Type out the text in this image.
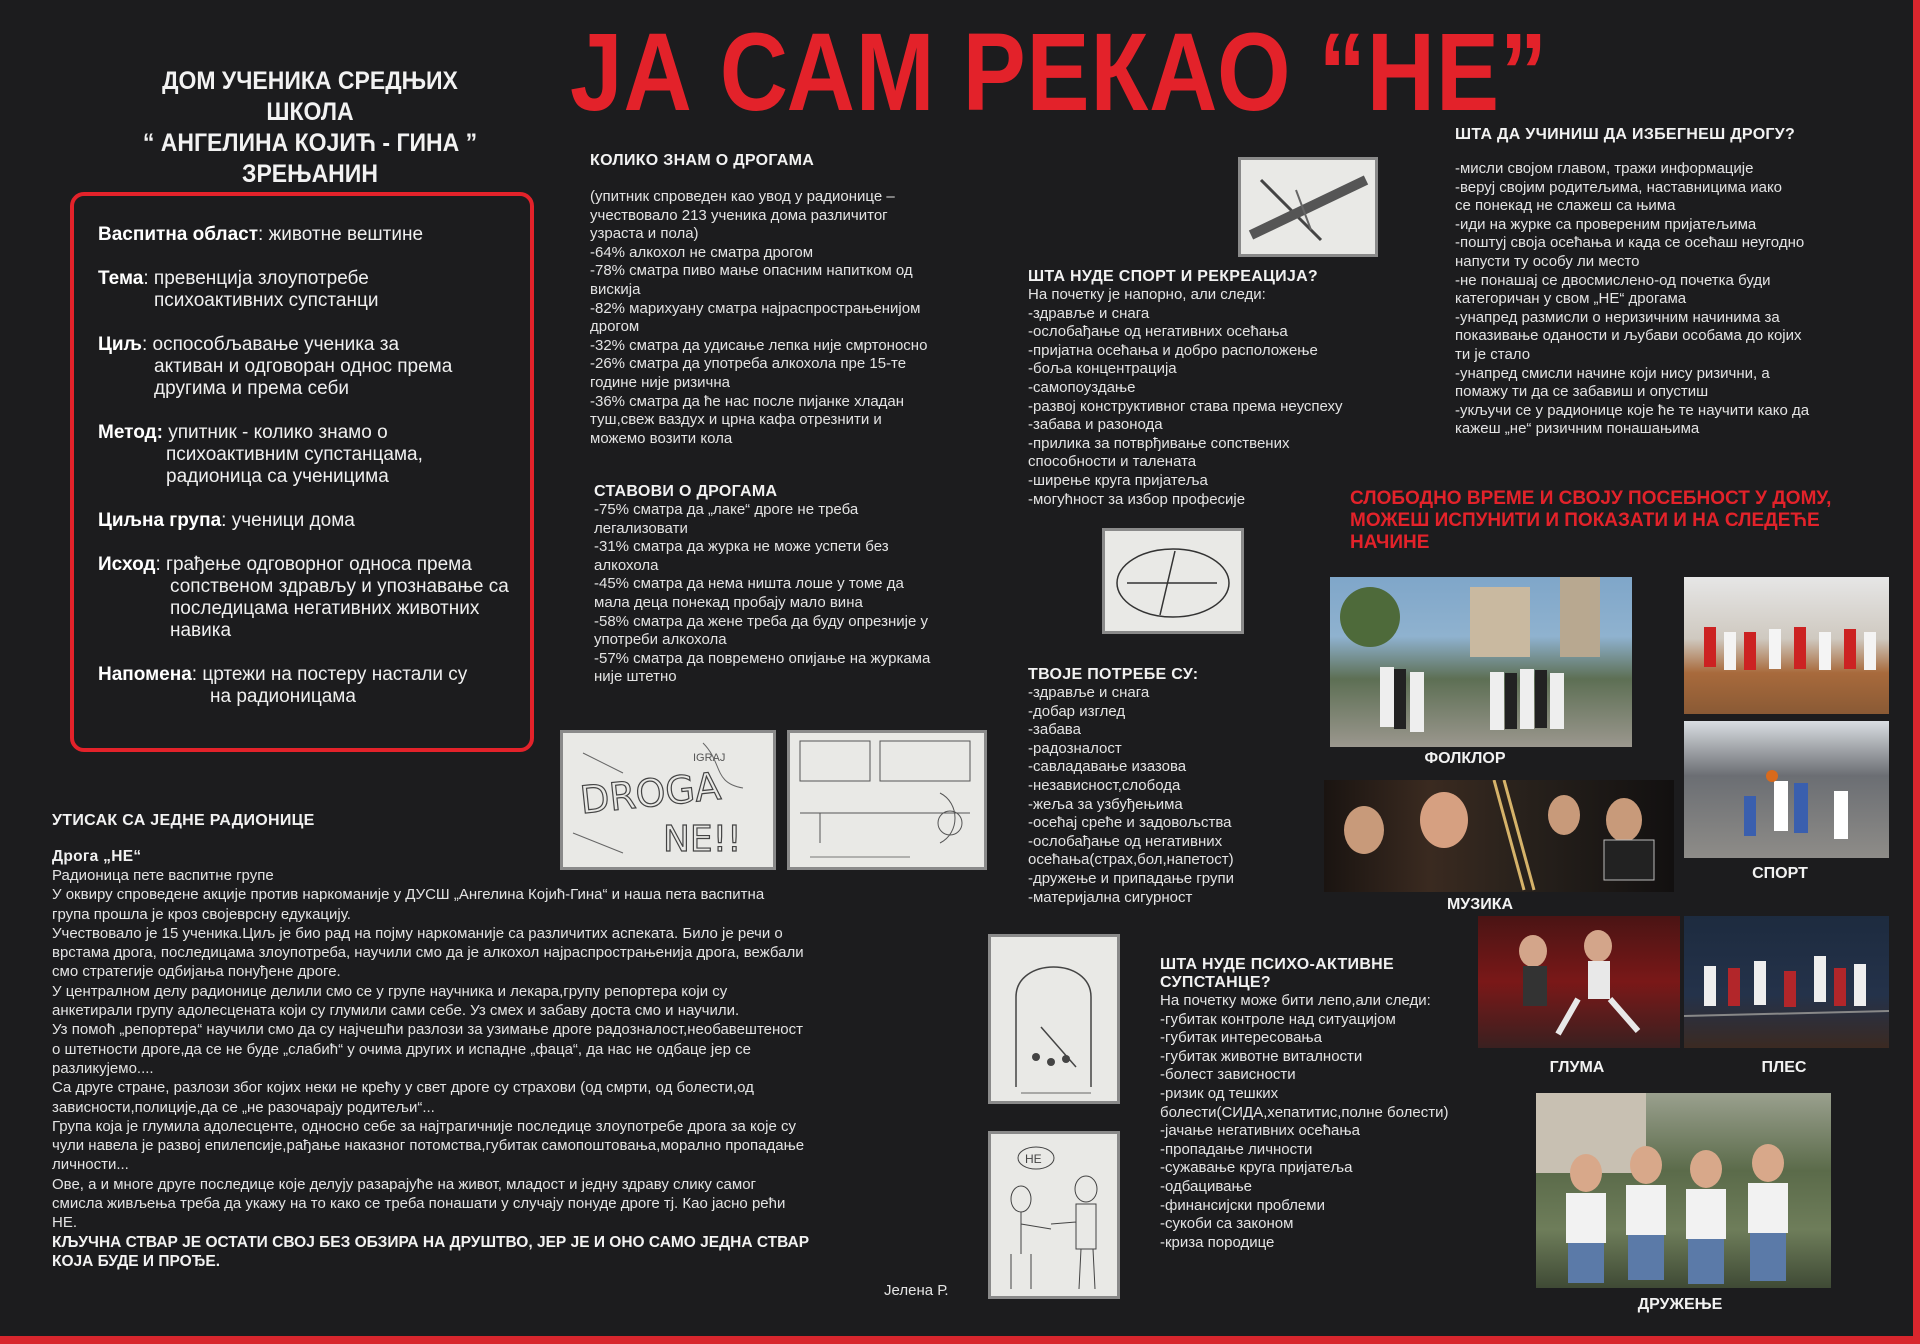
ДОМ УЧЕНИКА СРЕДЊИХ ШКОЛА
“ АНГЕЛИНА КОЈИЋ - ГИНА ”
ЗРЕЊАНИН
ЈА САМ РЕКАО “НЕ”
Васпитна област: животне вештине
Тема: превенција злоупотребе
психоактивних супстанци
Циљ: оспособљавање ученика за
активан и одговоран однос према другима и према себи
Метод: упитник - колико знамо о
психоактивним супстанцама, радионица са ученицима
Циљна група: ученици дома
Исход: грађење одговорног односа према
сопственом здрављу и упознавање са последицама негативних животних навика
Напомена: цртежи на постеру настали су
на радионицама
КОЛИКО ЗНАМ О ДРОГАМА
(упитник спроведен као увод у радионице –
учествовало 213 ученика дома различитог
узраста и пола)
-64% алкохол не сматра дрогом
-78% сматра пиво мање опасним напитком од
вискија
-82% марихуану сматра најраспрострањенијом
дрогом
-32% сматра да удисање лепка није смртоносно
-26% сматра да употреба алкохола пре 15-те
године није ризична
-36% сматра да ће нас после пијанке хладан
туш,свеж ваздух и црна кафа отрезнити и
можемо возити кола
СТАВОВИ О ДРОГАМА
-75% сматра да „лаке“ дроге не треба
легализовати
-31% сматра да журка не може успети без
алкохола
-45% сматра да нема ништа лоше у томе да
мала деца понекад пробају мало вина
-58% сматра да жене треба да буду опрезније у
употреби алкохола
-57% сматра да повремено опијање на журкама
није штетно
DROGA
NE!!
IGRAJ
ШТА НУДЕ СПОРТ И РЕКРЕАЦИЈА?
На почетку је напорно, али следи:
-здравље и снага
-ослобађање од негативних осећања
-пријатна осећања и добро расположење
-боља концентрација
-самопоуздање
-развој конструктивног става према неуспеху
-забава и разонода
-прилика за потврђивање сопствених
способности и талената
-ширење круга пријатеља
-могућност за избор професије
ТВОЈЕ ПОТРЕБЕ СУ:
-здравље и снага
-добар изглед
-забава
-радозналост
-савладавање изазова
-независност,слобода
-жеља за узбуђењима
-осећај среће и задовољства
-ослобађање од негативних
осећања(страх,бол,напетост)
-дружење и припадање групи
-материјална сигурност
ШТА НУДЕ ПСИХО-АКТИВНЕ
СУПСТАНЦЕ?
На почетку може бити лепо,али следи:
-губитак контроле над ситуацијом
-губитак интересовања
-губитак животне виталности
-болест зависности
-ризик од тешких
болести(СИДА,хепатитис,полне болести)
-јачање негативних осећања
-пропадање личности
-сужавање круга пријатеља
-одбацивање
-финансијски проблеми
-сукоби са законом
-криза породице
ШТА ДА УЧИНИШ ДА ИЗБЕГНЕШ ДРОГУ?
-мисли својом главом, тражи информације
-веруј својим родитељима, наставницима иако
се понекад не слажеш са њима
-иди на журке са провереним пријатељима
-поштуј своја осећања и када се осећаш неугодно
напусти ту особу ли место
-не понашај се двосмислено-од почетка буди
категоричан у свом „НЕ“ дрогама
-унапред размисли о неризичним начинима за
показивање оданости и љубави особама до којих
ти је стало
-унапред смисли начине који нису ризични, а
помажу ти да се забавиш и опустиш
-укључи се у радионице које ће те научити како да
кажеш „не“ ризичним понашањима
СЛОБОДНО ВРЕМЕ И СВОЈУ ПОСЕБНОСТ У ДОМУ,
МОЖЕШ ИСПУНИТИ И ПОКАЗАТИ И НА СЛЕДЕЋЕ
НАЧИНЕ
ФОЛКЛОР
СПОРТ
МУЗИКА
ГЛУМА	ПЛЕС
ДРУЖЕЊЕ
УТИСАК СА ЈЕДНЕ РАДИОНИЦЕ
Дрога „НЕ“
Радионица пете васпитне групе
У оквиру спроведене акције против наркоманије у ДУСШ „Ангелина Којић-Гина“ и наша пета васпитна
група прошла је кроз својеврсну едукацију.
Учествовало је 15 ученика.Циљ је био рад на појму наркоманије са различитих аспеката. Било је речи о
врстама дрога, последицама злоупотреба, научили смо да је алкохол најраспрострањенија дрога, вежбали
смо стратегије одбијања понуђене дроге.
У централном делу радионице делили смо се у групе научника и лекара,групу репортера који су
анкетирали групу адолесцената који су глумили сами себе. Уз смех и забаву доста смо и научили.
Уз помоћ „репортера“ научили смо да су најчешћи разлози за узимање дроге радозналост,необавештеност
о штетности дроге,да се не буде „слабић“ у очима других и испадне „фаца“, да нас не одбаце јер се
разликујемо....
Са друге стране, разлози због којих неки не крећу у свет дроге су страхови (од смрти, од болести,од
зависности,полиције,да се „не разочарају родитељи“...
Група која је глумила адолесценте, односно себе за најтрагичније последице злоупотребе дрога за које су
чули навела је развој епилепсије,рађање наказног потомства,губитак самопоштовања,морално пропадање
личности...
Ове, а и многе друге последице које делују разарајуће на живот, младост и једну здраву слику самог
смисла живљења треба да укажу на то како се треба понашати у случају понуде дроге тј. Као јасно рећи
НЕ.
КЉУЧНА СТВАР ЈЕ ОСТАТИ СВОЈ БЕЗ ОБЗИРА НА ДРУШТВО, ЈЕР ЈЕ И ОНО САМО ЈЕДНА СТВАР
КОЈА БУДЕ И ПРОЂЕ.
Јелена Р.
НЕ
